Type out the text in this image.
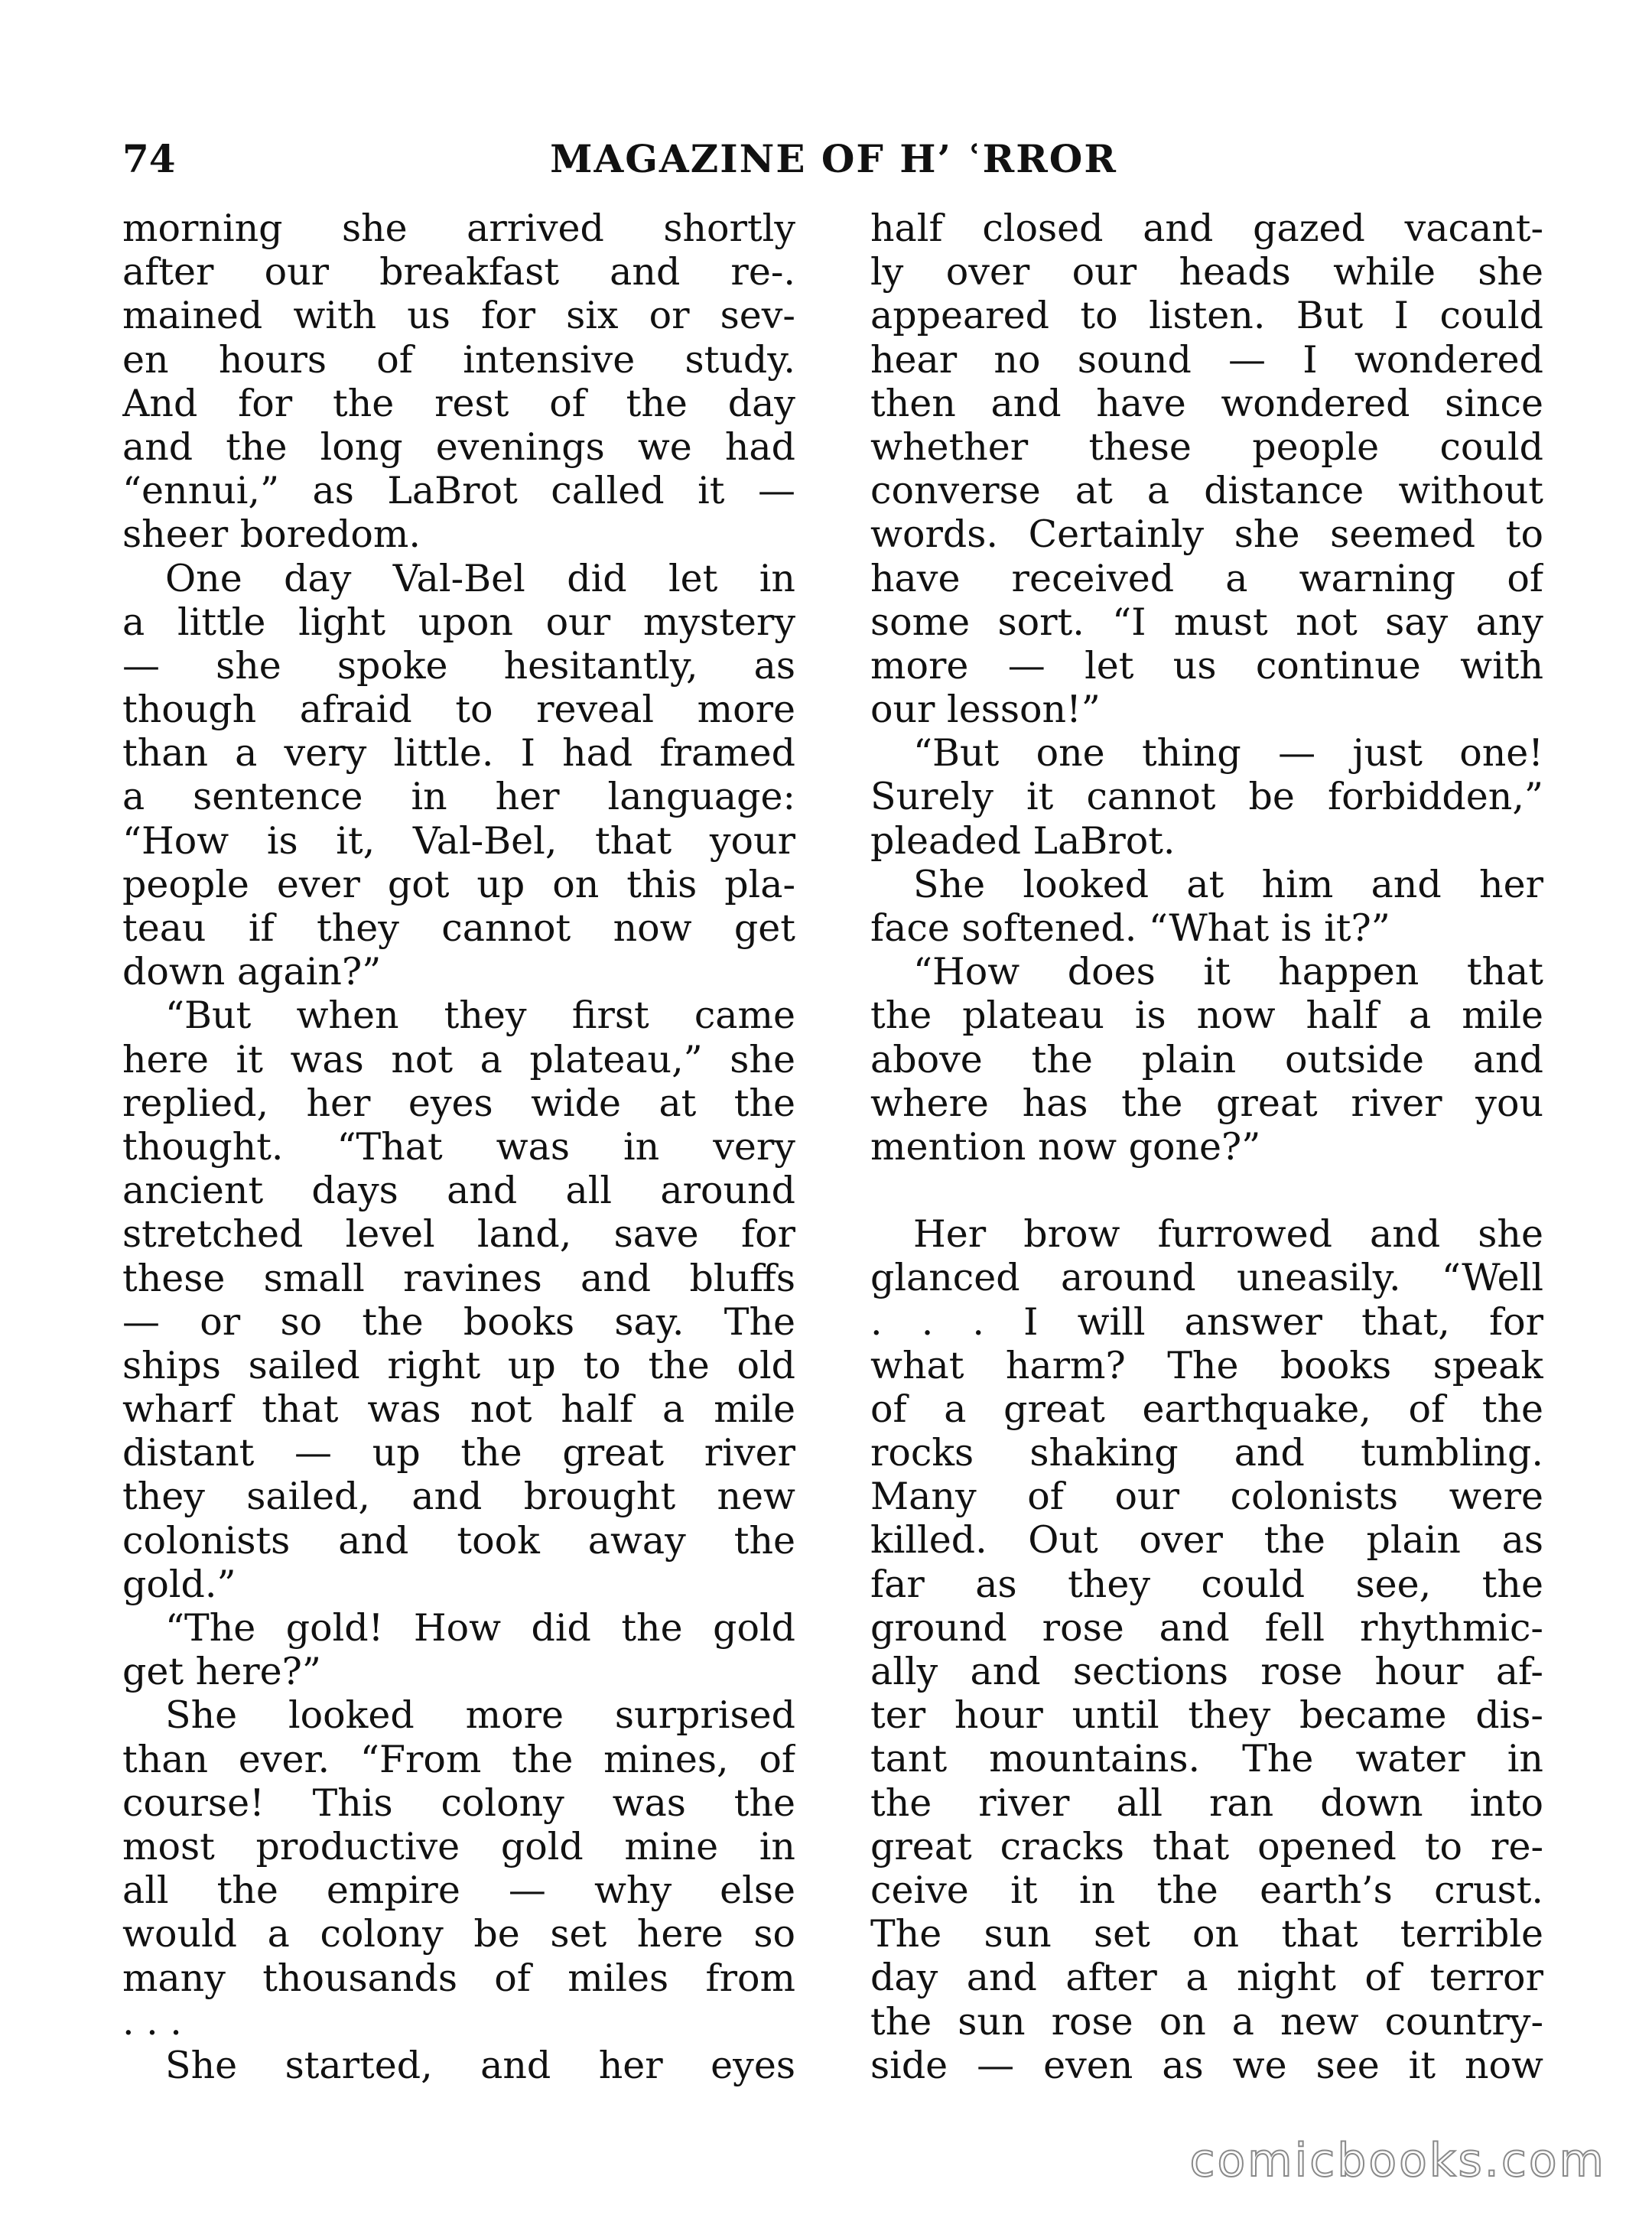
74	MAGAZINE OF H’ ʿRROR
morning she arrived shortly
after our breakfast and re-.
mained with us for six or sev-
en hours of intensive study.
And for the rest of the day
and the long evenings we had
“ennui,” as LaBrot called it —
sheer boredom.
One day Val-Bel did let in
a little light upon our mystery
— she spoke hesitantly, as
though afraid to reveal more
than a very little. I had framed
a sentence in her language:
“How is it, Val-Bel, that your
people ever got up on this pla-
teau if they cannot now get
down again?”
“But when they first came
here it was not a plateau,” she
replied, her eyes wide at the
thought. “That was in very
ancient days and all around
stretched level land, save for
these small ravines and bluffs
— or so the books say. The
ships sailed right up to the old
wharf that was not half a mile
distant — up the great river
they sailed, and brought new
colonists and took away the
gold.”
“The gold! How did the gold
get here?”
She looked more surprised
than ever. “From the mines, of
course! This colony was the
most productive gold mine in
all the empire — why else
would a colony be set here so
many thousands of miles from
. . .
She started, and her eyes
half closed and gazed vacant-
ly over our heads while she
appeared to listen. But I could
hear no sound — I wondered
then and have wondered since
whether these people could
converse at a distance without
words. Certainly she seemed to
have received a warning of
some sort. “I must not say any
more — let us continue with
our lesson!”
“But one thing — just one!
Surely it cannot be forbidden,”
pleaded LaBrot.
She looked at him and her
face softened. “What is it?”
“How does it happen that
the plateau is now half a mile
above the plain outside and
where has the great river you
mention now gone?”
Her brow furrowed and she
glanced around uneasily. “Well
. . . I will answer that, for
what harm? The books speak
of a great earthquake, of the
rocks shaking and tumbling.
Many of our colonists were
killed. Out over the plain as
far as they could see, the
ground rose and fell rhythmic-
ally and sections rose hour af-
ter hour until they became dis-
tant mountains. The water in
the river all ran down into
great cracks that opened to re-
ceive it in the earth’s crust.
The sun set on that terrible
day and after a night of terror
the sun rose on a new country-
side — even as we see it now
comicbooks.com
